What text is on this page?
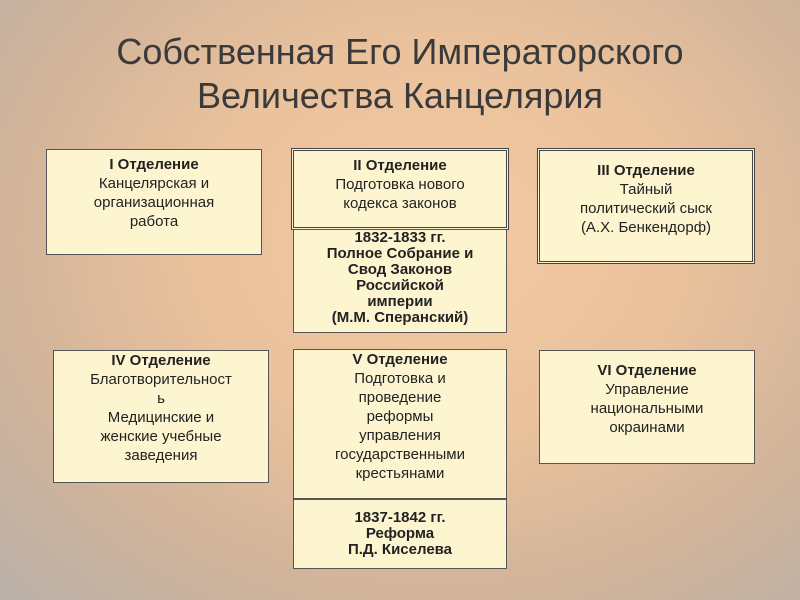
Собственная Его Императорского
Величества Канцелярия
I Отделение
Канцелярская и
организационная
работа
II Отделение
Подготовка нового
кодекса законов
1832-1833 гг.
Полное Собрание и
Свод Законов
Российской
империи
(М.М. Сперанский)
III Отделение
Тайный
политический сыск
(А.Х. Бенкендорф)
IV Отделение
Благотворительност
ь
Медицинские и
женские учебные
заведения
V Отделение
Подготовка и
проведение
реформы
управления
государственными
крестьянами
1837-1842 гг.
Реформа
П.Д. Киселева
VI Отделение
Управление
национальными
окраинами
